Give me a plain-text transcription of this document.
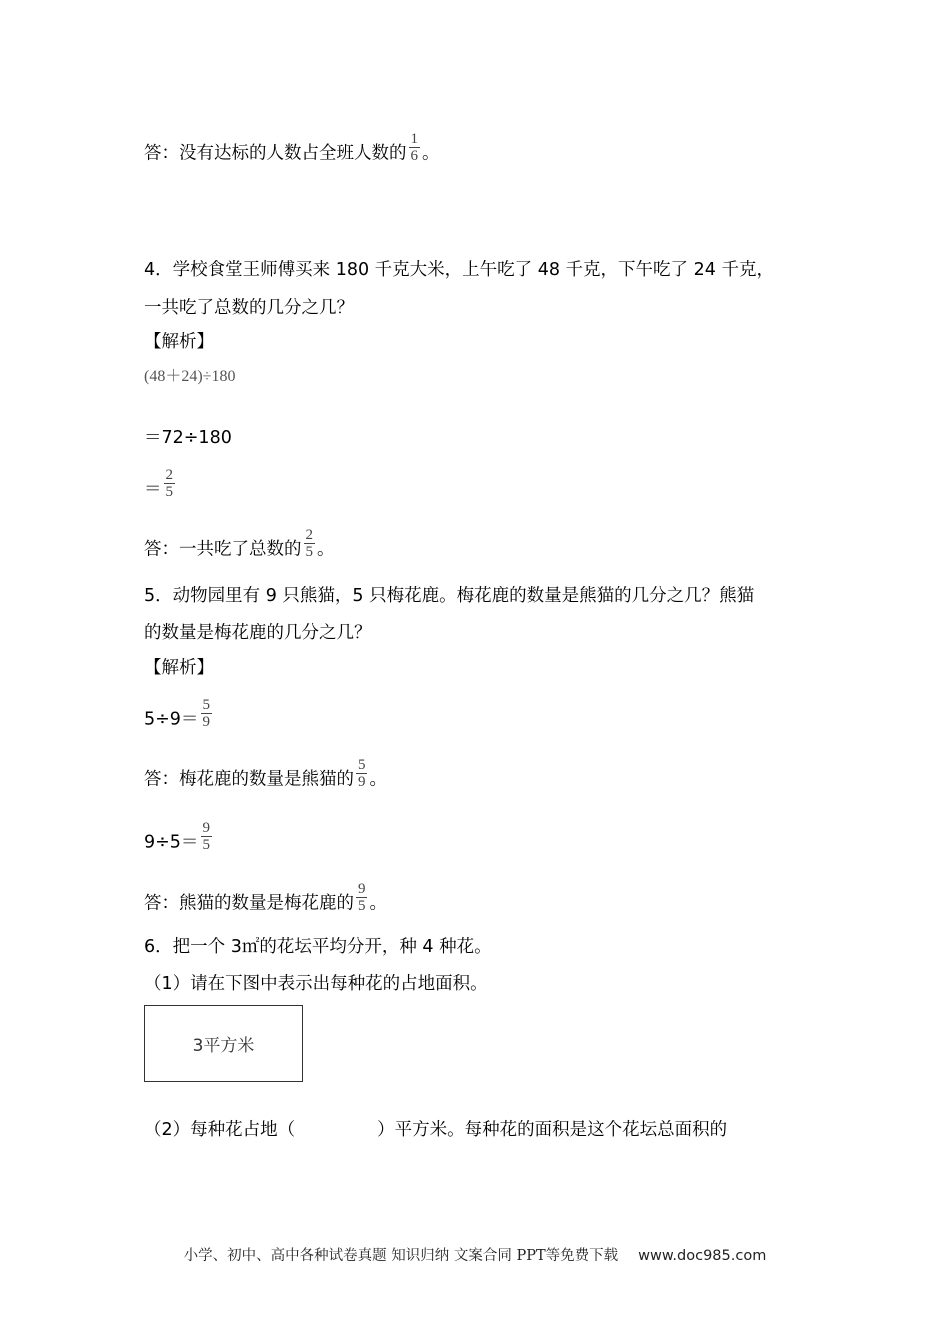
答：没有达标的人数占全班人数的 $\frac{1}{6}$ 。
4．学校食堂王师傅买来 180 千克大米，上午吃了 48 千克，下午吃了 24 千克，
一共吃了总数的几分之几？
【解析】
(48＋24)÷180
＝72÷180
＝ $\frac{2}{5}$
答：一共吃了总数的 $\frac{2}{5}$ 。
5．动物园里有 9 只熊猫，5 只梅花鹿。梅花鹿的数量是熊猫的几分之几？熊猫
的数量是梅花鹿的几分之几？
【解析】
$5\div 9= \frac{5}{9}$
答：梅花鹿的数量是熊猫的 $\frac{5}{9}$ 。
$9\div 5= \frac{9}{5}$
答：熊猫的数量是梅花鹿的 $\frac{9}{5}$ 。
6．把一个 3㎡的花坛平均分开，种 4 种花。
（1）请在下图中表示出每种花的占地面积。
3平方米
（2）每种花占地（	）平方米。每种花的面积是这个花坛总面积的
小学、初中、高中各种试卷真题 知识归纳 文案合同 PPT等免费下载 www.doc985.com
